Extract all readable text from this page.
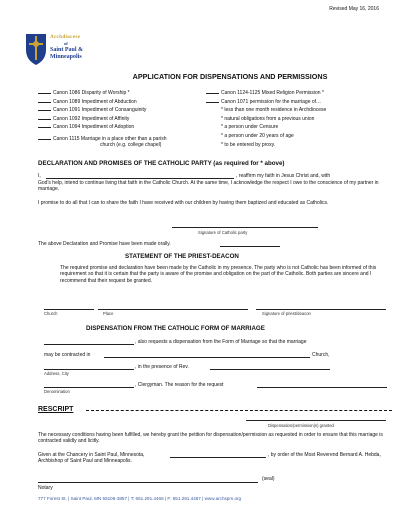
Revised May 16, 2016
Archdiocese
of
Saint Paul &
Minneapolis
APPLICATION FOR DISPENSATIONS AND PERMISSIONS
Canon 1086 Disparity of Worship *
Canon 1089 Impediment of Abduction
Canon 1091 Impediment of Consanguinity
Canon 1092 Impediment of Affinity
Canon 1094 Impediment of Adoption
Canon 1115 Marriage in a place other than a parish
church (e.g. college chapel)
Canon 1124-1125 Mixed Religion Permission *
Canon 1071 permission for the marriage of…
* less than one month residence in Archdiocese
* natural obligations from a previous union
* a person under Censure
* a person under 20 years of age
* to be entered by proxy.
DECLARATION AND PROMISES OF THE CATHOLIC PARTY (as required for * above)
I,	, reaffirm my faith in Jesus Christ and, with
God's help, intend to continue living that faith in the Catholic Church. At the same time, I acknowledge the respect I owe to the conscience of my partner in marriage.
I promise to do all that I can to share the faith I have received with our children by having them baptized and educated as Catholics.
Signature of Catholic party
The above Declaration and Promise have been made orally.
STATEMENT OF THE PRIEST-DEACON
The required promise and declaration have been made by the Catholic in my presence. The party who is not Catholic has been informed of this requirement so that it is certain that the party is aware of the promise and obligation on the part of the Catholic. Both parties are sincere and I recommend that their request be granted.
Church	Place	Signature of priest/deacon
DISPENSATION FROM THE CATHOLIC FORM OF MARRIAGE
, also requests a dispensation from the Form of Marriage so that the marriage
may be contracted in	Church,
, in the presence of Rev.
Address, City
, Clergyman. The reason for the request
Denomination
RESCRIPT
Dispensation/permission(s) granted
The necessary conditions having been fulfilled, we hereby grant the petition for dispensation/permission as requested in order to ensure that this marriage is contracted validly and licitly.
Given at the Chancery in Saint Paul, Minnesota,	, by order of the Most Reverend Bernard A. Hebda, Archbishop of Saint Paul and Minneapolis.
(seal)
Notary
777 Forest St. | Saint Paul, MN 55106-3857 | T: 651.291.4466 | F: 651.291.4467 | www.archspm.org
